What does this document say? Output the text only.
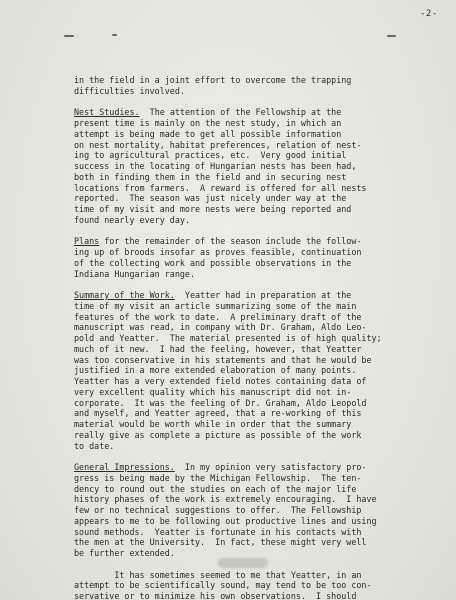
-2-
in the field in a joint effort to overcome the trapping
difficulties involved.
Nest Studies.  The attention of the Fellowship at the
present time is mainly on the nest study, in which an
attempt is being made to get all possible information
on nest mortality, habitat preferences, relation of nest-
ing to agricultural practices, etc.  Very good initial
success in the locating of Hungarian nests has been had,
both in finding them in the field and in securing nest
locations from farmers.  A reward is offered for all nests
reported.  The season was just nicely under way at the
time of my visit and more nests were being reported and
found nearly every day.
Plans for the remainder of the season include the follow-
ing up of broods insofar as proves feasible, continuation
of the collecting work and possible observations in the
Indiana Hungarian range.
Summary of the Work.  Yeatter had in preparation at the
time of my visit an article summarizing some of the main
features of the work to date.  A preliminary draft of the
manuscript was read, in company with Dr. Graham, Aldo Leo-
pold and Yeatter.  The material presented is of high quality;
much of it new.  I had the feeling, however, that Yeatter
was too conservative in his statements and that he would be
justified in a more extended elaboration of many points.
Yeatter has a very extended field notes containing data of
very excellent quality which his manuscript did not in-
corporate.  It was the feeling of Dr. Graham, Aldo Leopold
and myself, and Yeatter agreed, that a re-working of this
material would be worth while in order that the summary
really give as complete a picture as possible of the work
to date.
General Impressions.  In my opinion very satisfactory pro-
gress is being made by the Michigan Fellowship.  The ten-
dency to round out the studies on each of the major life
history phases of the work is extremely encouraging.  I have
few or no technical suggestions to offer.  The Fellowship
appears to me to be following out productive lines and using
sound methods.  Yeatter is fortunate in his contacts with
the men at the University.  In fact, these might very well
be further extended.
It has sometimes seemed to me that Yeatter, in an
attempt to be scientifically sound, may tend to be too con-
servative or to minimize his own observations.  I should
